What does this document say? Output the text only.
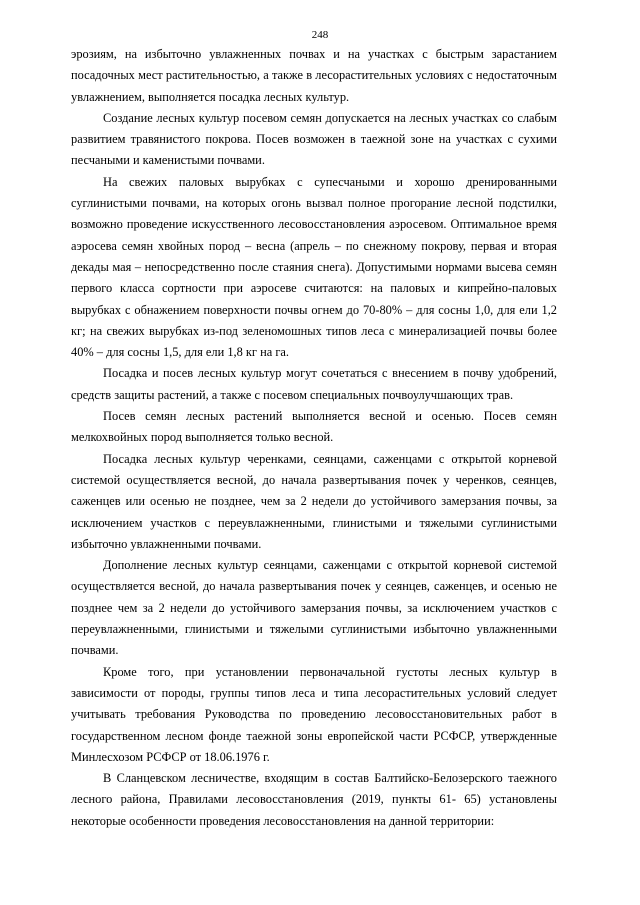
248

эрозиям, на избыточно увлажненных почвах и на участках с быстрым зарастанием посадочных мест растительностью, а также в лесорастительных условиях с недостаточным увлажнением, выполняется посадка лесных культур.

Создание лесных культур посевом семян допускается на лесных участках со слабым развитием травянистого покрова. Посев возможен в таежной зоне на участках с сухими песчаными и каменистыми почвами.

На свежих паловых вырубках с супесчаными и хорошо дренированными суглинистыми почвами, на которых огонь вызвал полное прогорание лесной подстилки, возможно проведение искусственного лесовосстановления аэросевом. Оптимальное время аэросева семян хвойных пород – весна (апрель – по снежному покрову, первая и вторая декады мая – непосредственно после стаяния снега). Допустимыми нормами высева семян первого класса сортности при аэросеве считаются: на паловых и кипрейно-паловых вырубках с обнажением поверхности почвы огнем до 70-80% – для сосны 1,0, для ели 1,2 кг; на свежих вырубках из-под зеленомошных типов леса с минерализацией почвы более 40% – для сосны 1,5, для ели 1,8 кг на га.

Посадка и посев лесных культур могут сочетаться с внесением в почву удобрений, средств защиты растений, а также с посевом специальных почвоулучшающих трав.

Посев семян лесных растений выполняется весной и осенью. Посев семян мелкохвойных пород выполняется только весной.

Посадка лесных культур черенками, сеянцами, саженцами с открытой корневой системой осуществляется весной, до начала развертывания почек у черенков, сеянцев, саженцев или осенью не позднее, чем за 2 недели до устойчивого замерзания почвы, за исключением участков с переувлажненными, глинистыми и тяжелыми суглинистыми избыточно увлажненными почвами.

Дополнение лесных культур сеянцами, саженцами с открытой корневой системой осуществляется весной, до начала развертывания почек у сеянцев, саженцев, и осенью не позднее чем за 2 недели до устойчивого замерзания почвы, за исключением участков с переувлажненными, глинистыми и тяжелыми суглинистыми избыточно увлажненными почвами.

Кроме того, при установлении первоначальной густоты лесных культур в зависимости от породы, группы типов леса и типа лесорастительных условий следует учитывать требования Руководства по проведению лесовосстановительных работ в государственном лесном фонде таежной зоны европейской части РСФСР, утвержденные Минлесхозом РСФСР от 18.06.1976 г.

В Сланцевском лесничестве, входящим в состав Балтийско-Белозерского таежного лесного района, Правилами лесовосстановления (2019, пункты 61- 65) установлены некоторые особенности проведения лесовосстановления на данной территории:
